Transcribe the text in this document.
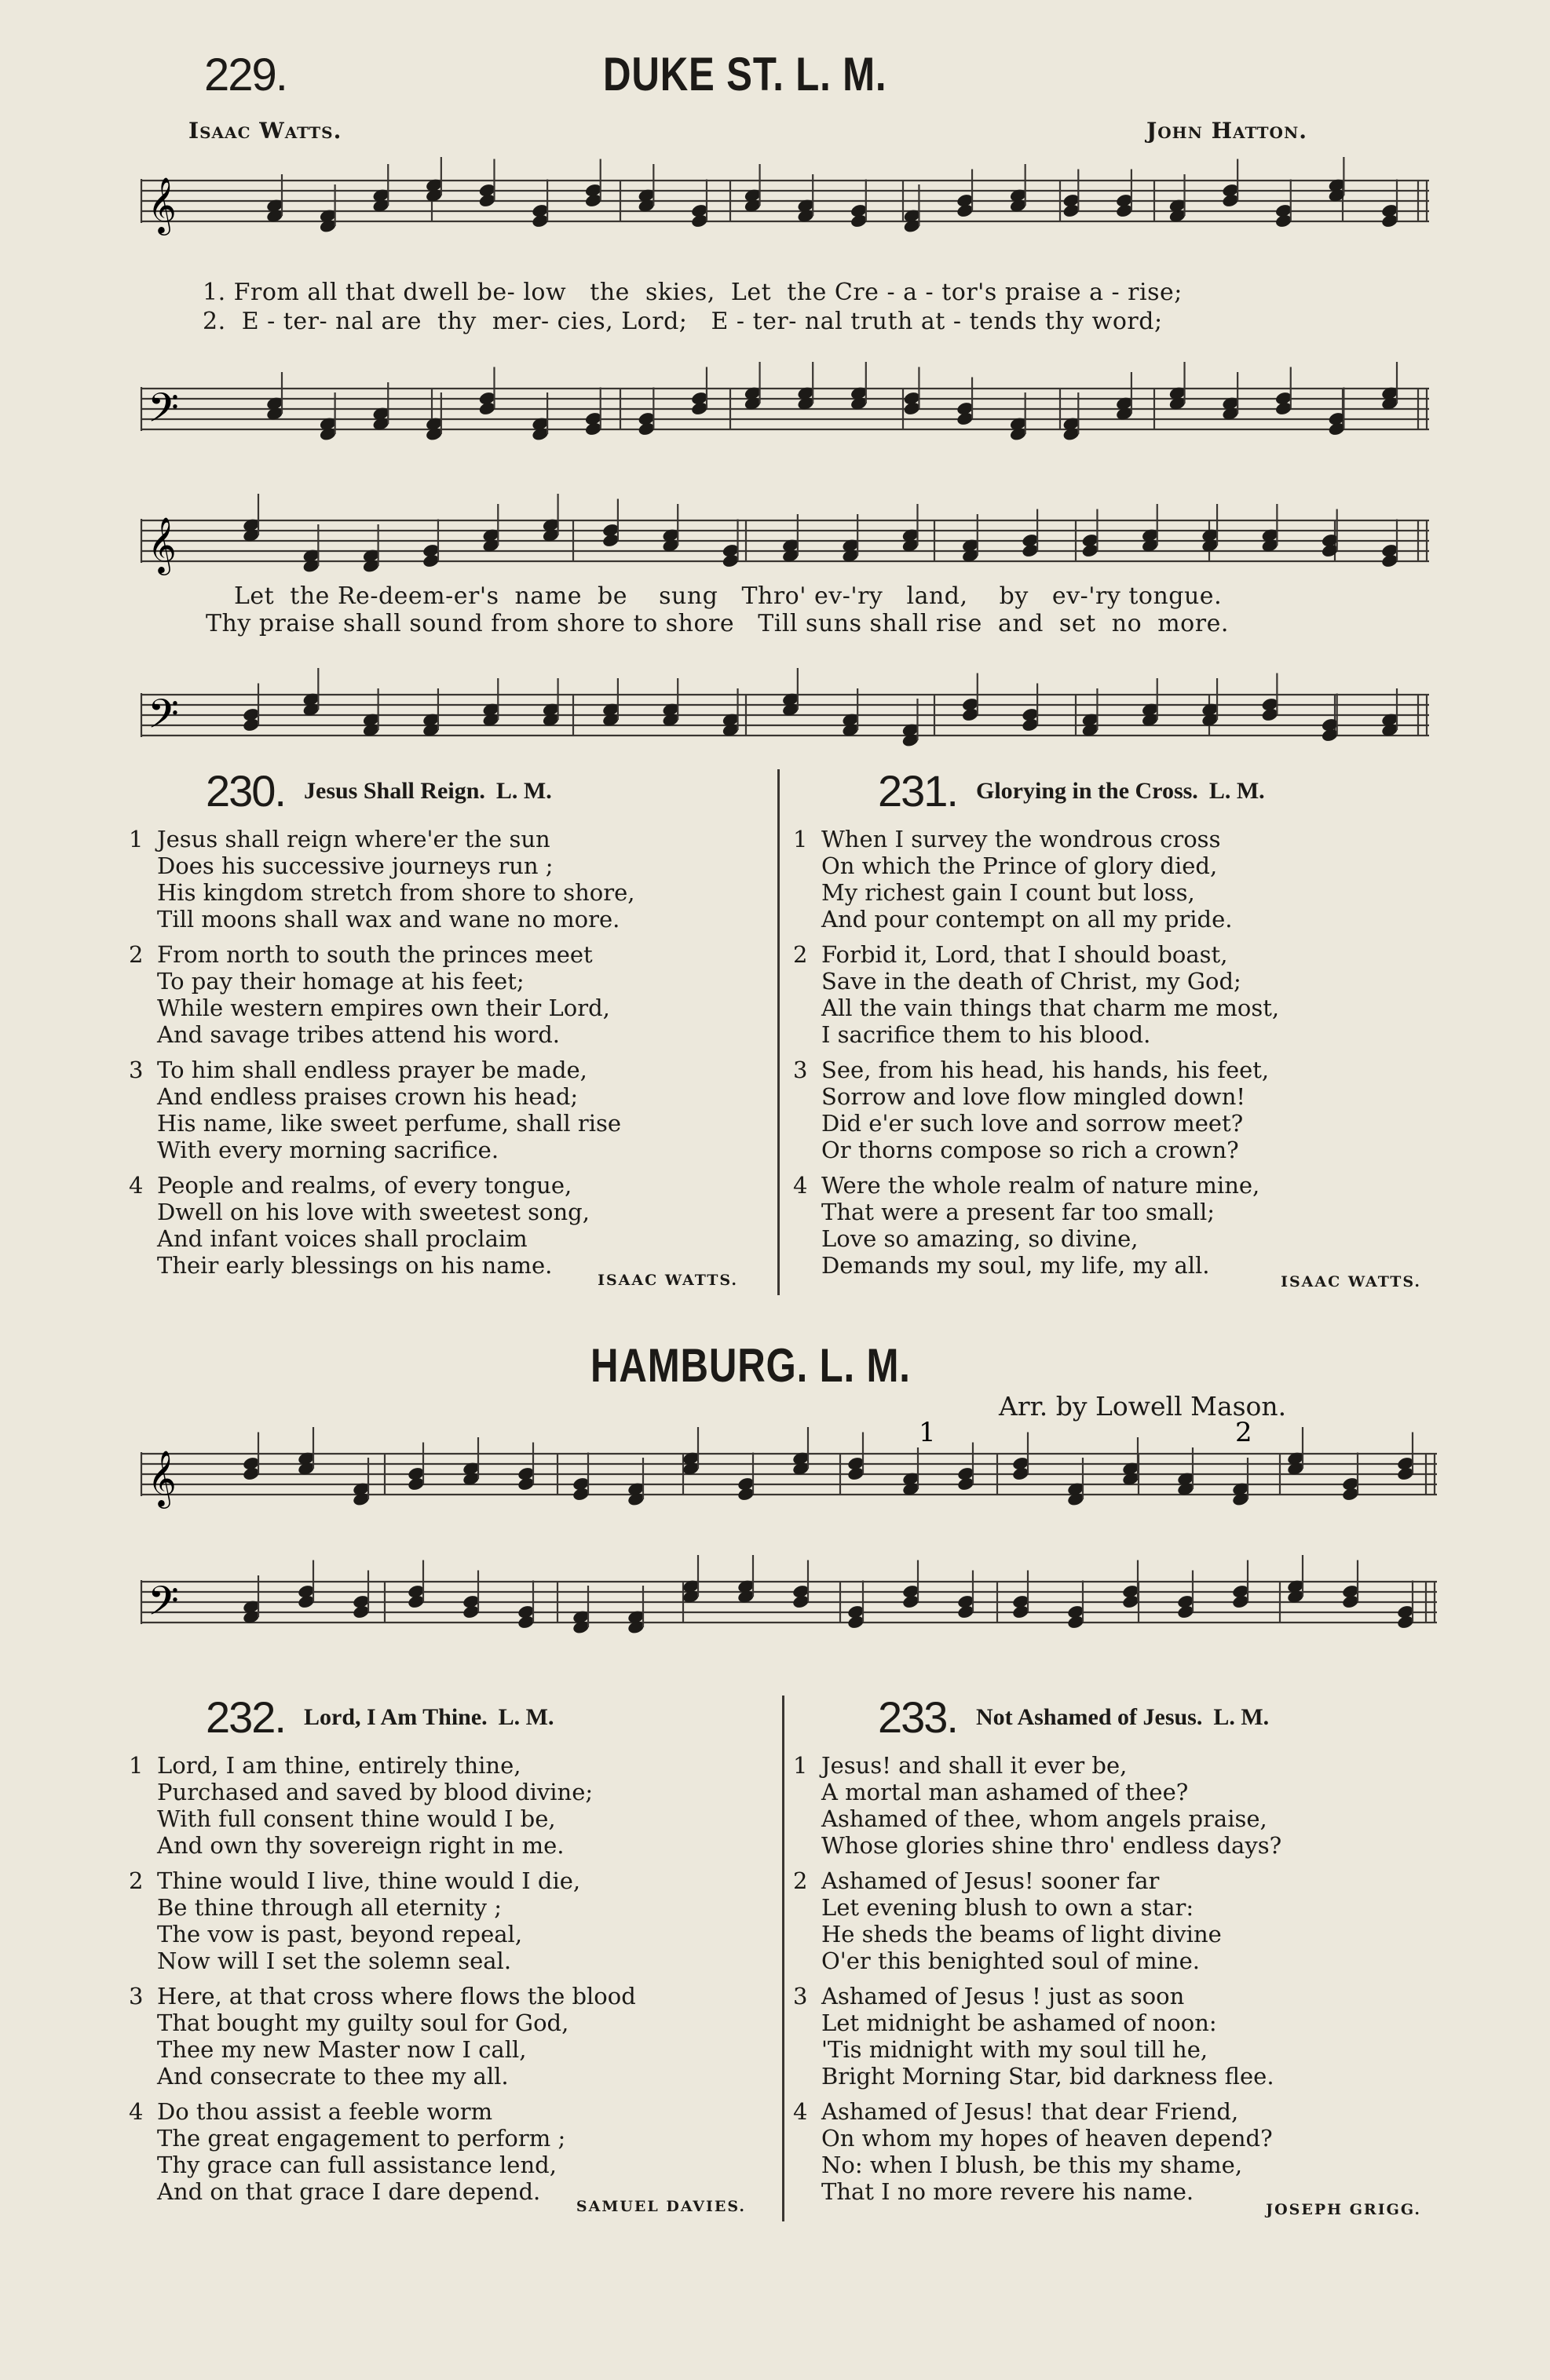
229.	DUKE ST. L. M.
Isaac Watts.	John Hatton.
𝄞
𝄢
1. From all that dwell be- low   the  skies,  Let  the Cre - a - tor's praise a - rise;
2.  E - ter- nal are  thy  mer- cies, Lord;   E - ter- nal truth at - tends thy word;
𝄞
𝄢
Let  the Re-deem-er's  name  be    sung   Thro' ev-'ry   land,    by   ev-'ry tongue.
Thy praise shall sound from shore to shore   Till suns shall rise  and  set  no  more.
230. Jesus Shall Reign. L. M.
1 Jesus shall reign where'er the sun
Does his successive journeys run ;
His kingdom stretch from shore to shore,
Till moons shall wax and wane no more.
2 From north to south the princes meet
To pay their homage at his feet;
While western empires own their Lord,
And savage tribes attend his word.
3 To him shall endless prayer be made,
And endless praises crown his head;
His name, like sweet perfume, shall rise
With every morning sacrifice.
4 People and realms, of every tongue,
Dwell on his love with sweetest song,
And infant voices shall proclaim
Their early blessings on his name.
ISAAC WATTS.
231. Glorying in the Cross. L. M.
1 When I survey the wondrous cross
On which the Prince of glory died,
My richest gain I count but loss,
And pour contempt on all my pride.
2 Forbid it, Lord, that I should boast,
Save in the death of Christ, my God;
All the vain things that charm me most,
I sacrifice them to his blood.
3 See, from his head, his hands, his feet,
Sorrow and love flow mingled down!
Did e'er such love and sorrow meet?
Or thorns compose so rich a crown?
4 Were the whole realm of nature mine,
That were a present far too small;
Love so amazing, so divine,
Demands my soul, my life, my all.
ISAAC WATTS.
HAMBURG. L. M.
Arr. by Lowell Mason.
𝄞
𝄢
1	2
232. Lord, I Am Thine. L. M.
1 Lord, I am thine, entirely thine,
Purchased and saved by blood divine;
With full consent thine would I be,
And own thy sovereign right in me.
2 Thine would I live, thine would I die,
Be thine through all eternity ;
The vow is past, beyond repeal,
Now will I set the solemn seal.
3 Here, at that cross where flows the blood
That bought my guilty soul for God,
Thee my new Master now I call,
And consecrate to thee my all.
4 Do thou assist a feeble worm
The great engagement to perform ;
Thy grace can full assistance lend,
And on that grace I dare depend.
SAMUEL DAVIES.
233. Not Ashamed of Jesus. L. M.
1 Jesus! and shall it ever be,
A mortal man ashamed of thee?
Ashamed of thee, whom angels praise,
Whose glories shine thro' endless days?
2 Ashamed of Jesus! sooner far
Let evening blush to own a star:
He sheds the beams of light divine
O'er this benighted soul of mine.
3 Ashamed of Jesus ! just as soon
Let midnight be ashamed of noon:
'Tis midnight with my soul till he,
Bright Morning Star, bid darkness flee.
4 Ashamed of Jesus! that dear Friend,
On whom my hopes of heaven depend?
No: when I blush, be this my shame,
That I no more revere his name.
JOSEPH GRIGG.
